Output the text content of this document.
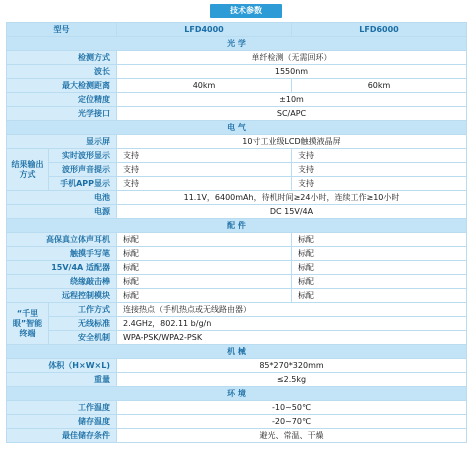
技术参数
型号		LFD4000	LFD6000
光 学			
检测方式		单纤检测（无需回环）	
波长		1550nm	
最大检测距离		40km	60km
定位精度		±10m	
光学接口		SC/APC	
电 气			
显示屏		10寸工业级LCD触摸液晶屏	
结果输出方式	实时波形显示	支持	支持
	波形声音提示	支持	支持
	手机APP显示	支持	支持
电池		11.1V，6400mAh，待机时间≥24小时，连续工作≥10小时	
电源		DC 15V/4A	
配 件			
高保真立体声耳机		标配	标配
触摸手写笔		标配	标配
15V/4A 适配器		标配	标配
绕缘敲击棒		标配	标配
远程控制模块		标配	标配
“千里眼”智能终端	工作方式	连接热点（手机热点或无线路由器）	
	无线标准	2.4GHz，802.11 b/g/n	
	安全机制	WPA-PSK/WPA2-PSK	
机 械			
体积（H×W×L)		85*270*320mm	
重量		≤2.5kg	
环 境			
工作温度		-10~50℃	
储存温度		-20~70℃	
最佳储存条件		避光、常温、干燥	
